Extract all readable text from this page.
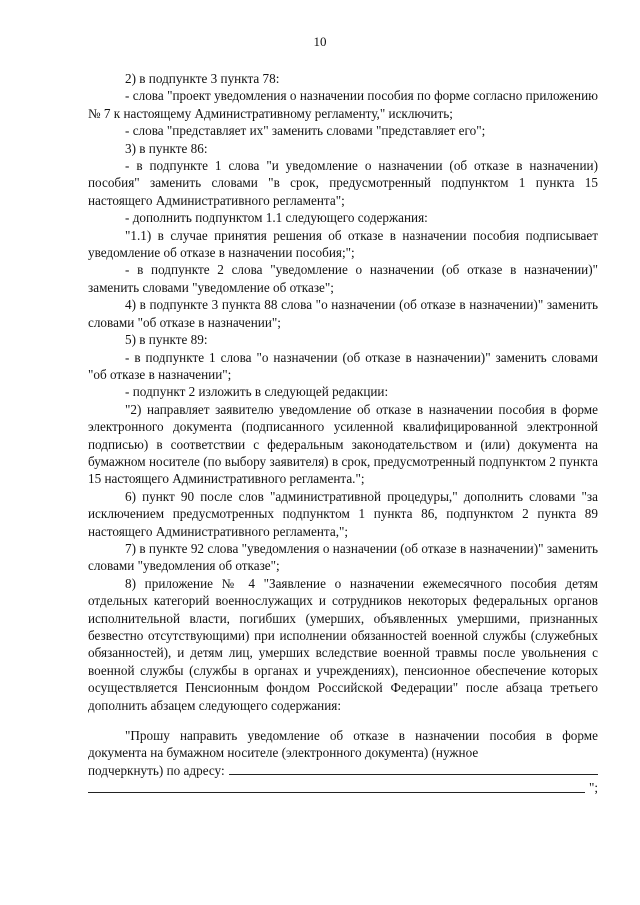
10

2) в подпункте 3 пункта 78:

- слова "проект уведомления о назначении пособия по форме согласно приложению № 7 к настоящему Административному регламенту," исключить;

- слова "представляет их" заменить словами "представляет его";

3) в пункте 86:

- в подпункте 1 слова "и уведомление о назначении (об отказе в назначении) пособия" заменить словами "в срок, предусмотренный подпунктом 1 пункта 15 настоящего Административного регламента";

- дополнить подпунктом 1.1 следующего содержания:

"1.1) в случае принятия решения об отказе в назначении пособия подписывает уведомление об отказе в назначении пособия;";

- в подпункте 2 слова "уведомление о назначении (об отказе в назначении)" заменить словами "уведомление об отказе";

4) в подпункте 3 пункта 88 слова "о назначении (об отказе в назначении)" заменить словами "об отказе в назначении";

5) в пункте 89:

- в подпункте 1 слова "о назначении (об отказе в назначении)" заменить словами "об отказе в назначении";

- подпункт 2 изложить в следующей редакции:

"2) направляет заявителю уведомление об отказе в назначении пособия в форме электронного документа (подписанного усиленной квалифицированной электронной подписью) в соответствии с федеральным законодательством и (или) документа на бумажном носителе (по выбору заявителя) в срок, предусмотренный подпунктом 2 пункта 15 настоящего Административного регламента.";

6) пункт 90 после слов "административной процедуры," дополнить словами "за исключением предусмотренных подпунктом 1 пункта 86, подпунктом 2 пункта 89 настоящего Административного регламента,";

7) в пункте 92 слова "уведомления о назначении (об отказе в назначении)" заменить словами "уведомления об отказе";

8) приложение № 4 "Заявление о назначении ежемесячного пособия детям отдельных категорий военнослужащих и сотрудников некоторых федеральных органов исполнительной власти, погибших (умерших, объявленных умершими, признанных безвестно отсутствующими) при исполнении обязанностей военной службы (служебных обязанностей), и детям лиц, умерших вследствие военной травмы после увольнения с военной службы (службы в органах и учреждениях), пенсионное обеспечение которых осуществляется Пенсионным фондом Российской Федерации" после абзаца третьего дополнить абзацем следующего содержания:

"Прошу направить уведомление об отказе в назначении пособия в форме документа на бумажном носителе (электронного документа) (нужное

подчеркнуть) по адресу:
";
